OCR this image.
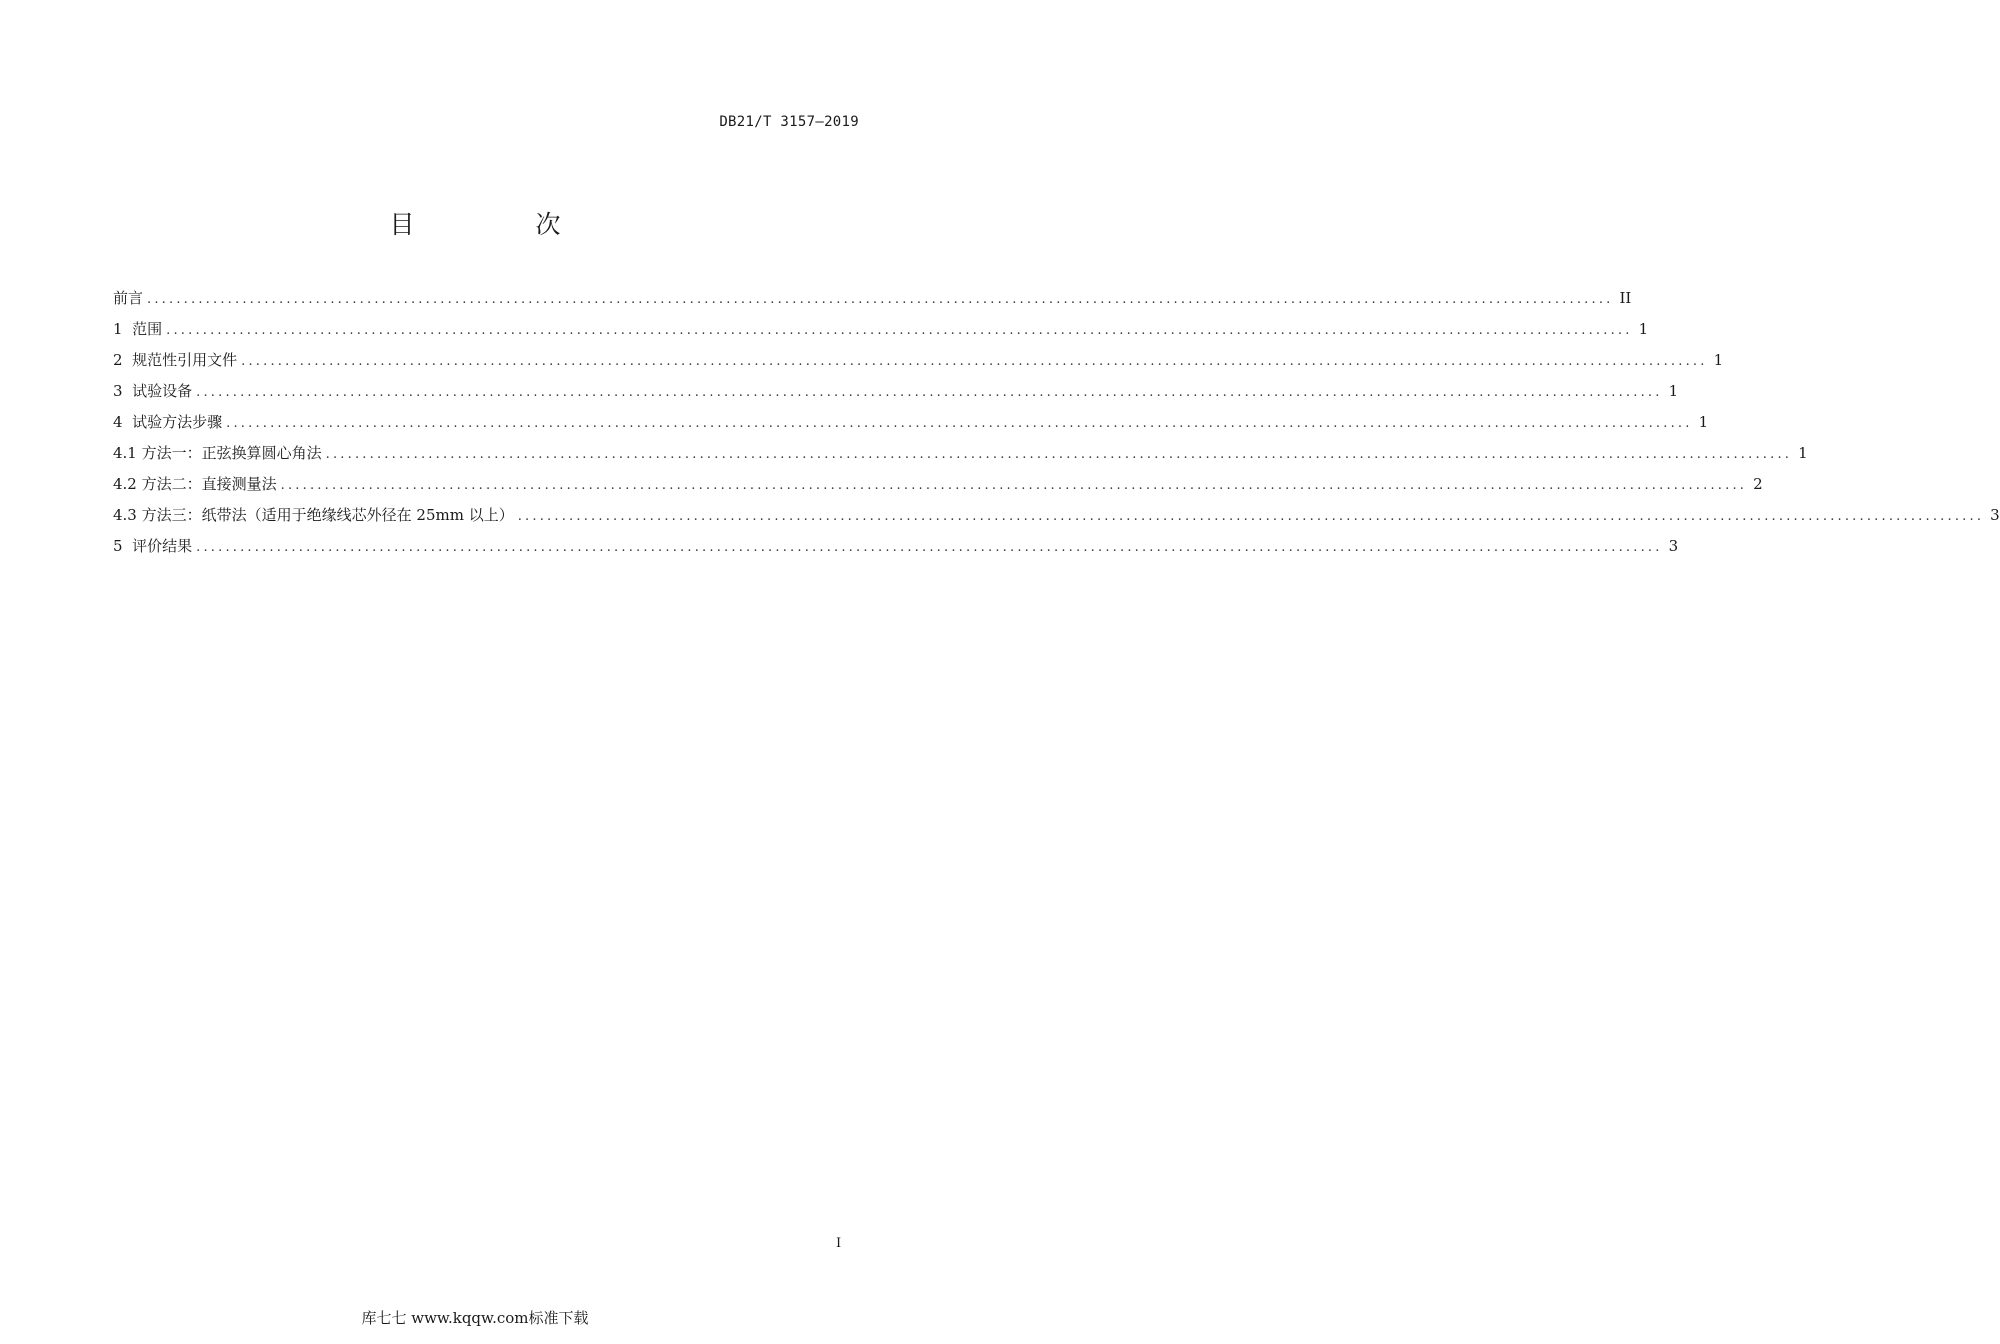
DB21/T 3157—2019
目　次
前言 ........................................................................................................................................................................................................ II
1 范围 ........................................................................................................................................................................................................ 1
2 规范性引用文件 ........................................................................................................................................................................................................ 1
3 试验设备 ........................................................................................................................................................................................................ 1
4 试验方法步骤 ........................................................................................................................................................................................................ 1
4.1 方法一：正弦换算圆心角法 ........................................................................................................................................................................................................ 1
4.2 方法二：直接测量法 ........................................................................................................................................................................................................ 2
4.3 方法三：纸带法（适用于绝缘线芯外径在 25mm 以上） ........................................................................................................................................................................................................ 3
5 评价结果 ........................................................................................................................................................................................................ 3
I
库七七 www.kqqw.com标准下载
